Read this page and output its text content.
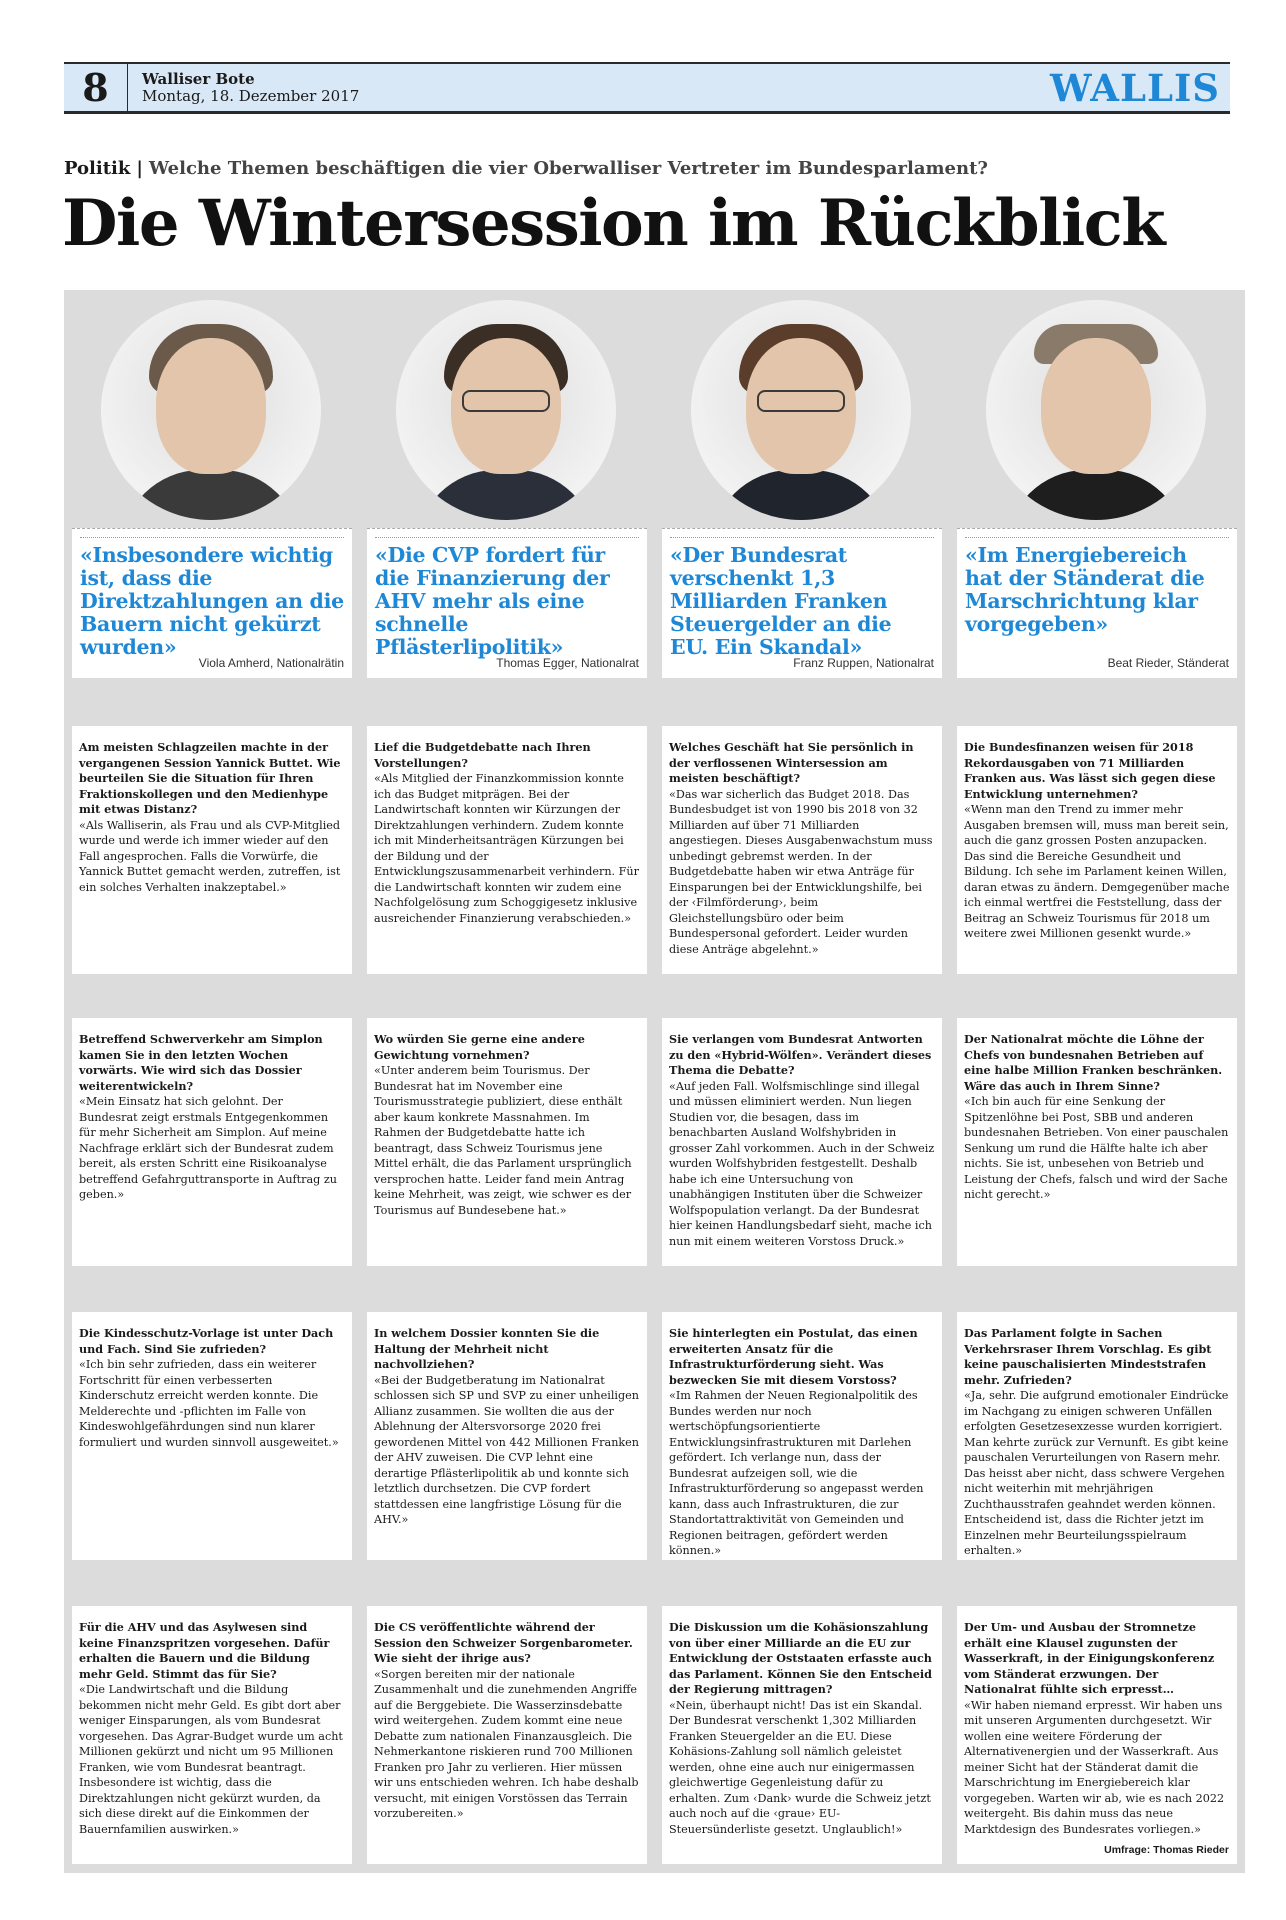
8	Walliser Bote
Montag, 18. Dezember 2017	WALLIS
Politik | Welche Themen beschäftigen die vier Oberwalliser Vertreter im Bundesparlament?
Die Wintersession im Rückblick
«Insbesondere wichtig ist, dass die Direktzahlungen an die Bauern nicht gekürzt wurden»
Viola Amherd, Nationalrätin
Am meisten Schlagzeilen machte in der vergangenen Session Yannick Buttet. Wie beurteilen Sie die Situation für Ihren Fraktionskollegen und den Medienhype mit etwas Distanz?
«Als Walliserin, als Frau und als CVP-Mitglied wurde und werde ich immer wieder auf den Fall angesprochen. Falls die Vorwürfe, die Yannick Buttet gemacht werden, zutreffen, ist ein solches Verhalten inakzeptabel.»
Betreffend Schwerverkehr am Simplon kamen Sie in den letzten Wochen vorwärts. Wie wird sich das Dossier weiterentwickeln?
«Mein Einsatz hat sich gelohnt. Der Bundesrat zeigt erstmals Entgegenkommen für mehr Sicherheit am Simplon. Auf meine Nachfrage erklärt sich der Bundesrat zudem bereit, als ersten Schritt eine Risikoanalyse betreffend Gefahrguttransporte in Auftrag zu geben.»
Die Kindesschutz-Vorlage ist unter Dach und Fach. Sind Sie zufrieden?
«Ich bin sehr zufrieden, dass ein weiterer Fortschritt für einen verbesserten Kinderschutz erreicht werden konnte. Die Melderechte und -pflichten im Falle von Kindeswohlgefährdungen sind nun klarer formuliert und wurden sinnvoll ausgeweitet.»
Für die AHV und das Asylwesen sind keine Finanzspritzen vorgesehen. Dafür erhalten die Bauern und die Bildung mehr Geld. Stimmt das für Sie?
«Die Landwirtschaft und die Bildung bekommen nicht mehr Geld. Es gibt dort aber weniger Einsparungen, als vom Bundesrat vorgesehen. Das Agrar-Budget wurde um acht Millionen gekürzt und nicht um 95 Millionen Franken, wie vom Bundesrat beantragt. Insbesondere ist wichtig, dass die Direktzahlungen nicht gekürzt wurden, da sich diese direkt auf die Einkommen der Bauernfamilien auswirken.»
«Die CVP fordert für die Finanzierung der AHV mehr als eine schnelle Pflästerlipolitik»
Thomas Egger, Nationalrat
Lief die Budgetdebatte nach Ihren Vorstellungen?
«Als Mitglied der Finanzkommission konnte ich das Budget mitprägen. Bei der Landwirtschaft konnten wir Kürzungen der Direktzahlungen verhindern. Zudem konnte ich mit Minderheitsanträgen Kürzungen bei der Bildung und der Entwicklungszusammenarbeit verhindern. Für die Landwirtschaft konnten wir zudem eine Nachfolgelösung zum Schoggigesetz inklusive ausreichender Finanzierung verabschieden.»
Wo würden Sie gerne eine andere Gewichtung vornehmen?
«Unter anderem beim Tourismus. Der Bundesrat hat im November eine Tourismusstrategie publiziert, diese enthält aber kaum konkrete Massnahmen. Im Rahmen der Budgetdebatte hatte ich beantragt, dass Schweiz Tourismus jene Mittel erhält, die das Parlament ursprünglich versprochen hatte. Leider fand mein Antrag keine Mehrheit, was zeigt, wie schwer es der Tourismus auf Bundesebene hat.»
In welchem Dossier konnten Sie die Haltung der Mehrheit nicht nachvollziehen?
«Bei der Budgetberatung im Nationalrat schlossen sich SP und SVP zu einer unheiligen Allianz zusammen. Sie wollten die aus der Ablehnung der Altersvorsorge 2020 frei gewordenen Mittel von 442 Millionen Franken der AHV zuweisen. Die CVP lehnt eine derartige Pflästerlipolitik ab und konnte sich letztlich durchsetzen. Die CVP fordert stattdessen eine langfristige Lösung für die AHV.»
Die CS veröffentlichte während der Session den Schweizer Sorgenbarometer. Wie sieht der ihrige aus?
«Sorgen bereiten mir der nationale Zusammenhalt und die zunehmenden Angriffe auf die Berggebiete. Die Wasserzinsdebatte wird weitergehen. Zudem kommt eine neue Debatte zum nationalen Finanzausgleich. Die Nehmerkantone riskieren rund 700 Millionen Franken pro Jahr zu verlieren. Hier müssen wir uns entschieden wehren. Ich habe deshalb versucht, mit einigen Vorstössen das Terrain vorzubereiten.»
«Der Bundesrat verschenkt 1,3 Milliarden Franken Steuergelder an die EU. Ein Skandal»
Franz Ruppen, Nationalrat
Welches Geschäft hat Sie persönlich in der verflossenen Wintersession am meisten beschäftigt?
«Das war sicherlich das Budget 2018. Das Bundesbudget ist von 1990 bis 2018 von 32 Milliarden auf über 71 Milliarden angestiegen. Dieses Ausgabenwachstum muss unbedingt gebremst werden. In der Budgetdebatte haben wir etwa Anträge für Einsparungen bei der Entwicklungshilfe, bei der ‹Filmförderung›, beim Gleichstellungsbüro oder beim Bundespersonal gefordert. Leider wurden diese Anträge abgelehnt.»
Sie verlangen vom Bundesrat Antworten zu den «Hybrid-Wölfen». Verändert dieses Thema die Debatte?
«Auf jeden Fall. Wolfsmischlinge sind illegal und müssen eliminiert werden. Nun liegen Studien vor, die besagen, dass im benachbarten Ausland Wolfshybriden in grosser Zahl vorkommen. Auch in der Schweiz wurden Wolfshybriden festgestellt. Deshalb habe ich eine Untersuchung von unabhängigen Instituten über die Schweizer Wolfspopulation verlangt. Da der Bundesrat hier keinen Handlungsbedarf sieht, mache ich nun mit einem weiteren Vorstoss Druck.»
Sie hinterlegten ein Postulat, das einen erweiterten Ansatz für die Infrastrukturförderung sieht. Was bezwecken Sie mit diesem Vorstoss?
«Im Rahmen der Neuen Regionalpolitik des Bundes werden nur noch wertschöpfungsorientierte Entwicklungsinfrastrukturen mit Darlehen gefördert. Ich verlange nun, dass der Bundesrat aufzeigen soll, wie die Infrastrukturförderung so angepasst werden kann, dass auch Infrastrukturen, die zur Standortattraktivität von Gemeinden und Regionen beitragen, gefördert werden können.»
Die Diskussion um die Kohäsionszahlung von über einer Milliarde an die EU zur Entwicklung der Oststaaten erfasste auch das Parlament. Können Sie den Entscheid der Regierung mittragen?
«Nein, überhaupt nicht! Das ist ein Skandal. Der Bundesrat verschenkt 1,302 Milliarden Franken Steuergelder an die EU. Diese Kohäsions-Zahlung soll nämlich geleistet werden, ohne eine auch nur einigermassen gleichwertige Gegenleistung dafür zu erhalten. Zum ‹Dank› wurde die Schweiz jetzt auch noch auf die ‹graue› EU-Steuersünderliste gesetzt. Unglaublich!»
«Im Energiebereich hat der Ständerat die Marschrichtung klar vorgegeben»
Beat Rieder, Ständerat
Die Bundesfinanzen weisen für 2018 Rekordausgaben von 71 Milliarden Franken aus. Was lässt sich gegen diese Entwicklung unternehmen?
«Wenn man den Trend zu immer mehr Ausgaben bremsen will, muss man bereit sein, auch die ganz grossen Posten anzupacken. Das sind die Bereiche Gesundheit und Bildung. Ich sehe im Parlament keinen Willen, daran etwas zu ändern. Demgegenüber mache ich einmal wertfrei die Feststellung, dass der Beitrag an Schweiz Tourismus für 2018 um weitere zwei Millionen gesenkt wurde.»
Der Nationalrat möchte die Löhne der Chefs von bundesnahen Betrieben auf eine halbe Million Franken beschränken. Wäre das auch in Ihrem Sinne?
«Ich bin auch für eine Senkung der Spitzenlöhne bei Post, SBB und anderen bundesnahen Betrieben. Von einer pauschalen Senkung um rund die Hälfte halte ich aber nichts. Sie ist, unbesehen von Betrieb und Leistung der Chefs, falsch und wird der Sache nicht gerecht.»
Das Parlament folgte in Sachen Verkehrsraser Ihrem Vorschlag. Es gibt keine pauschalisierten Mindeststrafen mehr. Zufrieden?
«Ja, sehr. Die aufgrund emotionaler Eindrücke im Nachgang zu einigen schweren Unfällen erfolgten Gesetzesexzesse wurden korrigiert. Man kehrte zurück zur Vernunft. Es gibt keine pauschalen Verurteilungen von Rasern mehr. Das heisst aber nicht, dass schwere Vergehen nicht weiterhin mit mehrjährigen Zuchthausstrafen geahndet werden können. Entscheidend ist, dass die Richter jetzt im Einzelnen mehr Beurteilungsspielraum erhalten.»
Der Um- und Ausbau der Stromnetze erhält eine Klausel zugunsten der Wasserkraft, in der Einigungskonferenz vom Ständerat erzwungen. Der Nationalrat fühlte sich erpresst…
«Wir haben niemand erpresst. Wir haben uns mit unseren Argumenten durchgesetzt. Wir wollen eine weitere Förderung der Alternativenergien und der Wasserkraft. Aus meiner Sicht hat der Ständerat damit die Marschrichtung im Energiebereich klar vorgegeben. Warten wir ab, wie es nach 2022 weitergeht. Bis dahin muss das neue Marktdesign des Bundesrates vorliegen.»
Umfrage: Thomas Rieder
